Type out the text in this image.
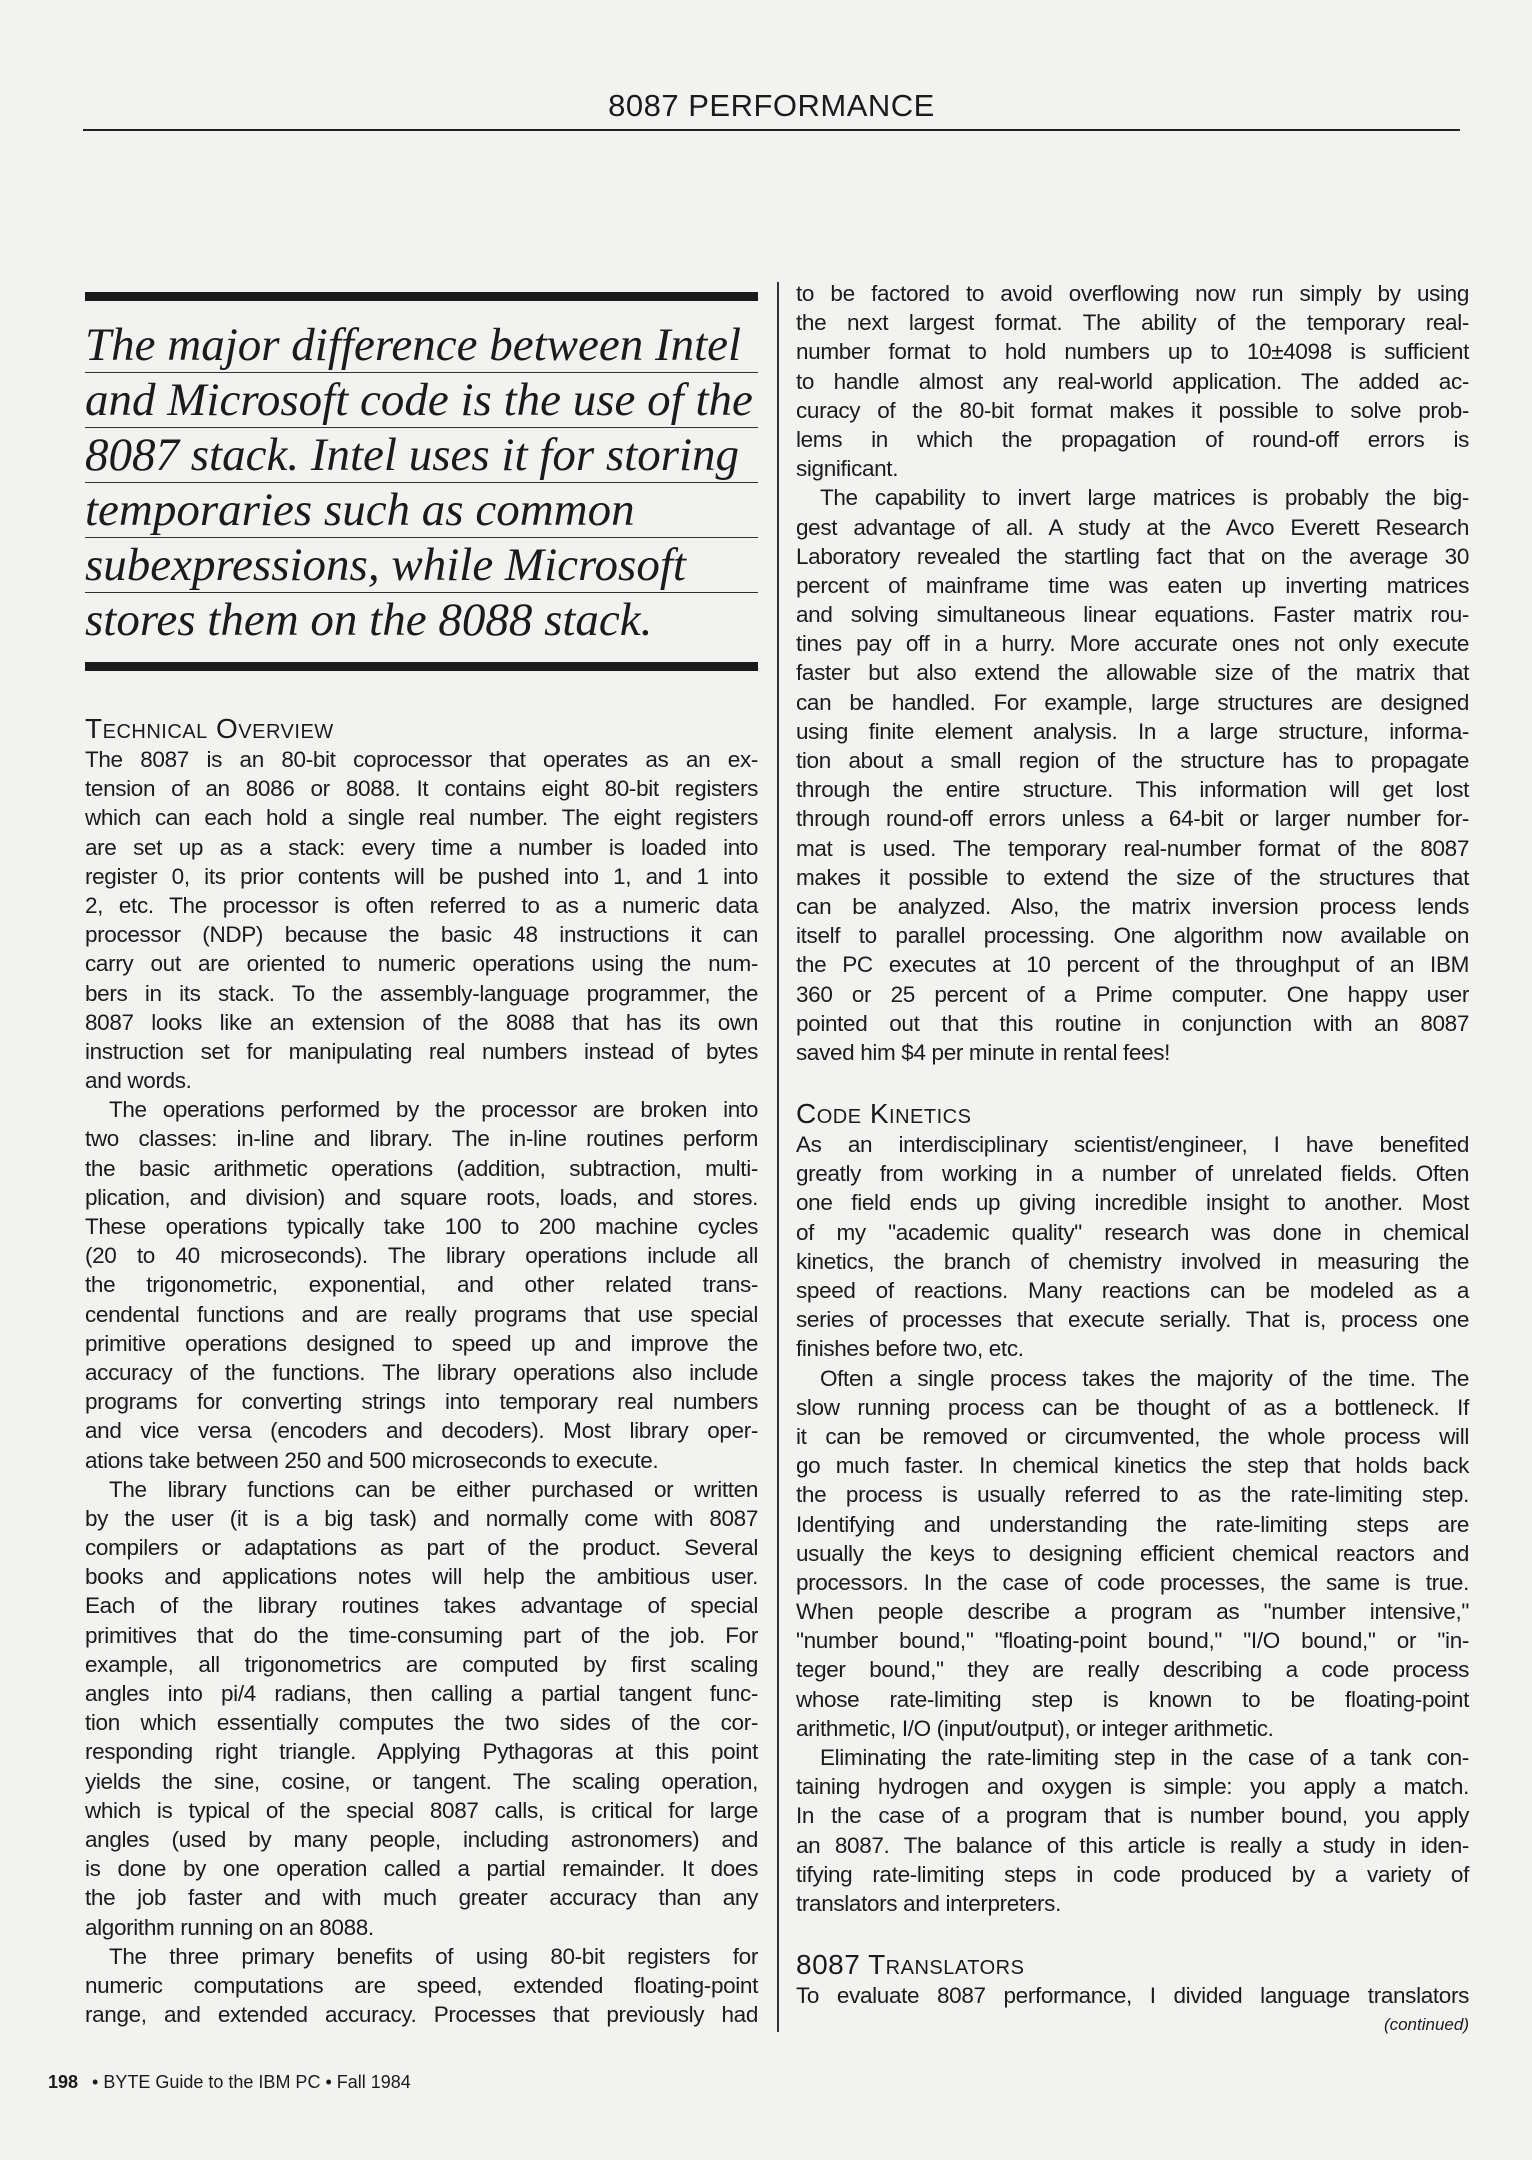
8087 PERFORMANCE
The major difference between Intel
and Microsoft code is the use of the
8087 stack. Intel uses it for storing
temporaries such as common
subexpressions, while Microsoft
stores them on the 8088 stack.
Technical Overview
The 8087 is an 80-bit coprocessor that operates as an ex-
tension of an 8086 or 8088. It contains eight 80-bit registers
which can each hold a single real number. The eight registers
are set up as a stack: every time a number is loaded into
register 0, its prior contents will be pushed into 1, and 1 into
2, etc. The processor is often referred to as a numeric data
processor (NDP) because the basic 48 instructions it can
carry out are oriented to numeric operations using the num-
bers in its stack. To the assembly-language programmer, the
8087 looks like an extension of the 8088 that has its own
instruction set for manipulating real numbers instead of bytes
and words.
The operations performed by the processor are broken into
two classes: in-line and library. The in-line routines perform
the basic arithmetic operations (addition, subtraction, multi-
plication, and division) and square roots, loads, and stores.
These operations typically take 100 to 200 machine cycles
(20 to 40 microseconds). The library operations include all
the trigonometric, exponential, and other related trans-
cendental functions and are really programs that use special
primitive operations designed to speed up and improve the
accuracy of the functions. The library operations also include
programs for converting strings into temporary real numbers
and vice versa (encoders and decoders). Most library oper-
ations take between 250 and 500 microseconds to execute.
The library functions can be either purchased or written
by the user (it is a big task) and normally come with 8087
compilers or adaptations as part of the product. Several
books and applications notes will help the ambitious user.
Each of the library routines takes advantage of special
primitives that do the time-consuming part of the job. For
example, all trigonometrics are computed by first scaling
angles into pi/4 radians, then calling a partial tangent func-
tion which essentially computes the two sides of the cor-
responding right triangle. Applying Pythagoras at this point
yields the sine, cosine, or tangent. The scaling operation,
which is typical of the special 8087 calls, is critical for large
angles (used by many people, including astronomers) and
is done by one operation called a partial remainder. It does
the job faster and with much greater accuracy than any
algorithm running on an 8088.
The three primary benefits of using 80-bit registers for
numeric computations are speed, extended floating-point
range, and extended accuracy. Processes that previously had
to be factored to avoid overflowing now run simply by using
the next largest format. The ability of the temporary real-
number format to hold numbers up to 10±4098 is sufficient
to handle almost any real-world application. The added ac-
curacy of the 80-bit format makes it possible to solve prob-
lems in which the propagation of round-off errors is
significant.
The capability to invert large matrices is probably the big-
gest advantage of all. A study at the Avco Everett Research
Laboratory revealed the startling fact that on the average 30
percent of mainframe time was eaten up inverting matrices
and solving simultaneous linear equations. Faster matrix rou-
tines pay off in a hurry. More accurate ones not only execute
faster but also extend the allowable size of the matrix that
can be handled. For example, large structures are designed
using finite element analysis. In a large structure, informa-
tion about a small region of the structure has to propagate
through the entire structure. This information will get lost
through round-off errors unless a 64-bit or larger number for-
mat is used. The temporary real-number format of the 8087
makes it possible to extend the size of the structures that
can be analyzed. Also, the matrix inversion process lends
itself to parallel processing. One algorithm now available on
the PC executes at 10 percent of the throughput of an IBM
360 or 25 percent of a Prime computer. One happy user
pointed out that this routine in conjunction with an 8087
saved him $4 per minute in rental fees!
Code Kinetics
As an interdisciplinary scientist/engineer, I have benefited
greatly from working in a number of unrelated fields. Often
one field ends up giving incredible insight to another. Most
of my "academic quality" research was done in chemical
kinetics, the branch of chemistry involved in measuring the
speed of reactions. Many reactions can be modeled as a
series of processes that execute serially. That is, process one
finishes before two, etc.
Often a single process takes the majority of the time. The
slow running process can be thought of as a bottleneck. If
it can be removed or circumvented, the whole process will
go much faster. In chemical kinetics the step that holds back
the process is usually referred to as the rate-limiting step.
Identifying and understanding the rate-limiting steps are
usually the keys to designing efficient chemical reactors and
processors. In the case of code processes, the same is true.
When people describe a program as "number intensive,"
"number bound," "floating-point bound," "I/O bound," or "in-
teger bound," they are really describing a code process
whose rate-limiting step is known to be floating-point
arithmetic, I/O (input/output), or integer arithmetic.
Eliminating the rate-limiting step in the case of a tank con-
taining hydrogen and oxygen is simple: you apply a match.
In the case of a program that is number bound, you apply
an 8087. The balance of this article is really a study in iden-
tifying rate-limiting steps in code produced by a variety of
translators and interpreters.
8087 Translators
To evaluate 8087 performance, I divided language translators
(continued)
198 • BYTE Guide to the IBM PC • Fall 1984
